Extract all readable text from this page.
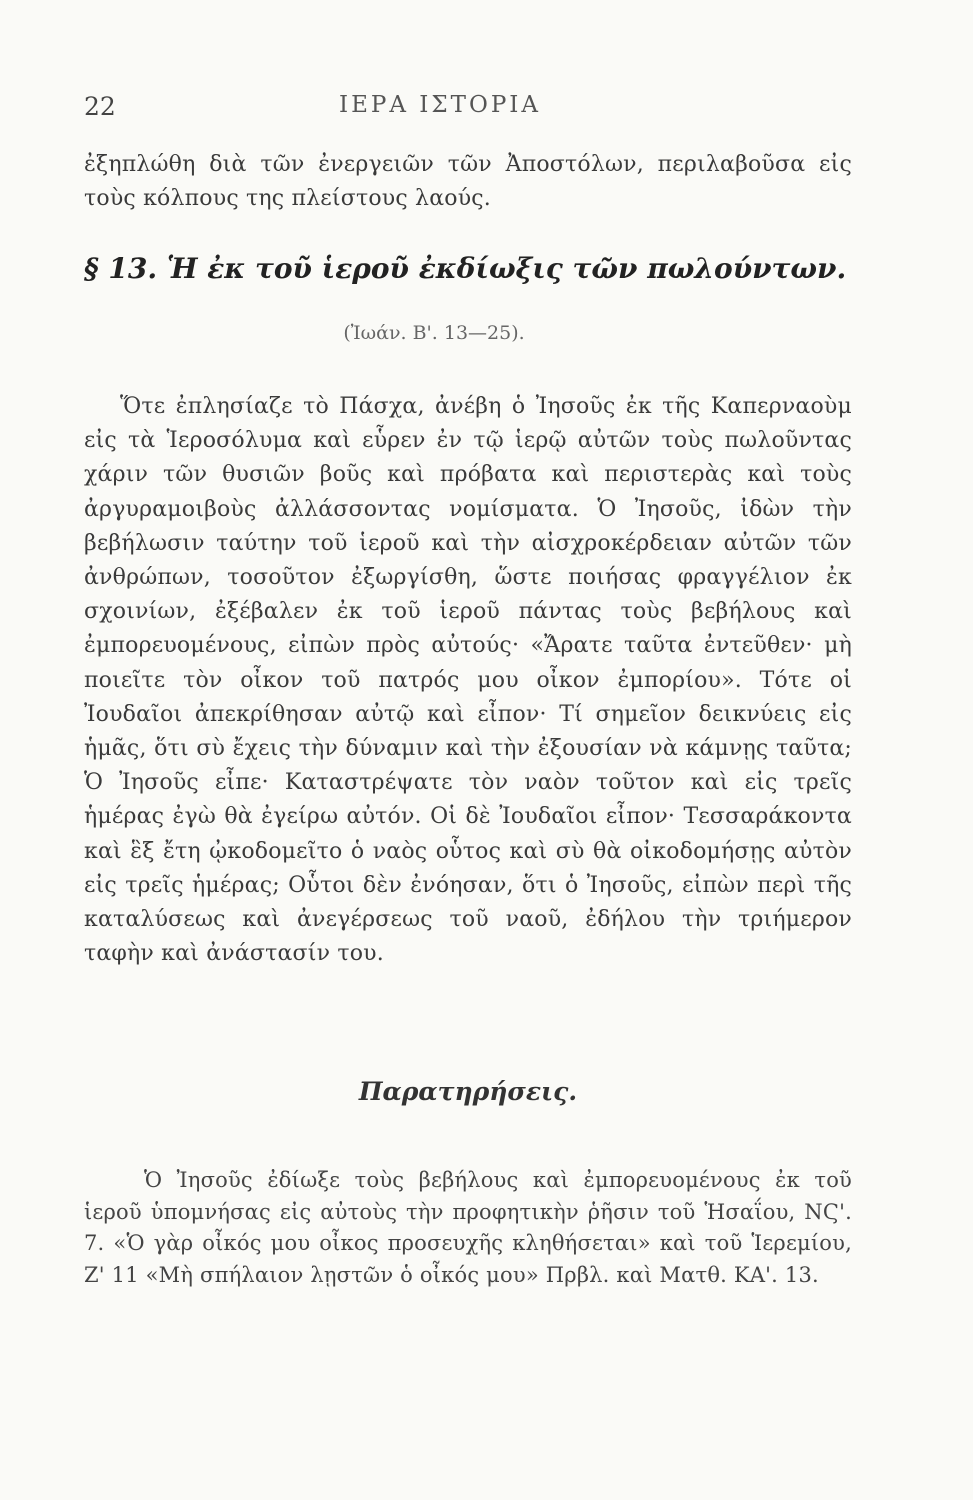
22	ΙΕΡΑ ΙΣΤΟΡΙΑ

ἐξηπλώθη διὰ τῶν ἐνεργειῶν τῶν Ἀποστόλων, περιλαβοῦσα εἰς τοὺς κόλπους της πλείστους λαούς.

§ 13. Ἡ ἐκ τοῦ ἱεροῦ ἐκδίωξις τῶν πωλούντων.
(Ἰωάν. Β'. 13—25).

Ὅτε ἐπλησίαζε τὸ Πάσχα, ἀνέβη ὁ Ἰησοῦς ἐκ τῆς Καπερναοὺμ εἰς τὰ Ἱεροσόλυμα καὶ εὗρεν ἐν τῷ ἱερῷ αὐτῶν τοὺς πωλοῦντας χάριν τῶν θυσιῶν βοῦς καὶ πρόβατα καὶ περιστερὰς καὶ τοὺς ἀργυραμοιβοὺς ἀλλάσσοντας νομίσματα. Ὁ Ἰησοῦς, ἰδὼν τὴν βεβήλωσιν ταύτην τοῦ ἱεροῦ καὶ τὴν αἰσχροκέρδειαν αὐτῶν τῶν ἀνθρώπων, τοσοῦτον ἐξωργίσθη, ὥστε ποιήσας φραγγέλιον ἐκ σχοινίων, ἐξέβαλεν ἐκ τοῦ ἱεροῦ πάντας τοὺς βεβήλους καὶ ἐμπορευομένους, εἰπὼν πρὸς αὐτούς· «Ἄρατε ταῦτα ἐντεῦθεν· μὴ ποιεῖτε τὸν οἶκον τοῦ πατρός μου οἶκον ἐμπορίου». Τότε οἱ Ἰουδαῖοι ἀπεκρίθησαν αὐτῷ καὶ εἶπον· Τί σημεῖον δεικνύεις εἰς ἡμᾶς, ὅτι σὺ ἔχεις τὴν δύναμιν καὶ τὴν ἐξουσίαν νὰ κάμνῃς ταῦτα; Ὁ Ἰησοῦς εἶπε· Καταστρέψατε τὸν ναὸν τοῦτον καὶ εἰς τρεῖς ἡμέρας ἐγὼ θὰ ἐγείρω αὐτόν. Οἱ δὲ Ἰουδαῖοι εἶπον· Τεσσαράκοντα καὶ ἓξ ἔτη ᾠκοδομεῖτο ὁ ναὸς οὗτος καὶ σὺ θὰ οἰκοδομήσῃς αὐτὸν εἰς τρεῖς ἡμέρας; Οὗτοι δὲν ἐνόησαν, ὅτι ὁ Ἰησοῦς, εἰπὼν περὶ τῆς καταλύσεως καὶ ἀνεγέρσεως τοῦ ναοῦ, ἐδήλου τὴν τριήμερον ταφὴν καὶ ἀνάστασίν του.

Παρατηρήσεις.

Ὁ Ἰησοῦς ἐδίωξε τοὺς βεβήλους καὶ ἐμπορευομένους ἐκ τοῦ ἱεροῦ ὑπομνήσας εἰς αὐτοὺς τὴν προφητικὴν ῥῆσιν τοῦ Ἡσαΐου, ΝϚ'. 7. «Ὁ γὰρ οἶκός μου οἶκος προσευχῆς κληθήσεται» καὶ τοῦ Ἱερεμίου, Ζ' 11 «Μὴ σπήλαιον λῃστῶν ὁ οἶκός μου» Πρβλ. καὶ Ματθ. ΚΑ'. 13.
